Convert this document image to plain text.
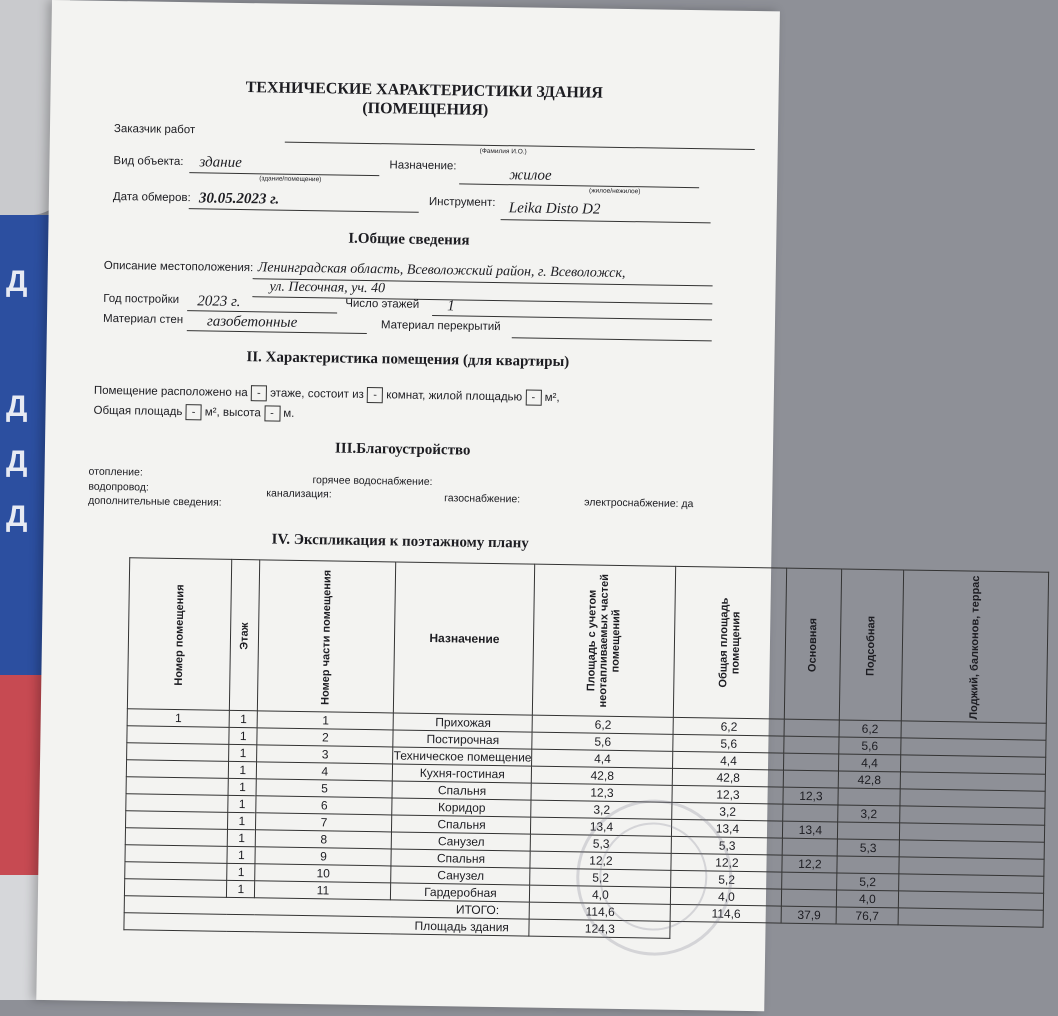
Д
Д
Д
Д
ТЕХНИЧЕСКИЕ ХАРАКТЕРИСТИКИ ЗДАНИЯ
(ПОМЕЩЕНИЯ)
Заказчик работ
(Фамилия И.О.)
Вид объекта: здание
(здание/помещение)
Назначение:
жилое
(жилое/нежилое)
Дата обмеров: 30.05.2023 г.	Инструмент: Leika Disto D2
I.Общие сведения
Описание местоположения: Ленинградская область, Всеволожский район, г. Всеволожск,
ул. Песочная, уч. 40
Год постройки 2023 г.	Число этажей 1
Материал стен газобетонные	Материал перекрытий
II. Характеристика помещения (для квартиры)
Помещение расположено на - этаже, состоит из - комнат, жилой площадью - м²,
Общая площадь - м², высота - м.
III.Благоустройство
отопление:
горячее водоснабжение:
водопровод:
канализация:	газоснабжение:	электроснабжение: да
дополнительные сведения:
IV. Экспликация к поэтажному плану
Номер помещения	Этаж	Номер части помещения	Назначение	Площадь с учетом неотапливаемых частей помещений	Общая площадь помещения	Основная	Подсобная	Лоджий, балконов, террас
1	1	1	Прихожая	6,2	6,2		6,2	
	1	2	Постирочная	5,6	5,6		5,6	
	1	3	Техническое помещение	4,4	4,4		4,4	
	1	4	Кухня-гостиная	42,8	42,8		42,8	
	1	5	Спальня	12,3	12,3	12,3		
	1	6	Коридор	3,2	3,2		3,2	
	1	7	Спальня	13,4	13,4	13,4		
	1	8	Санузел	5,3	5,3		5,3	
	1	9	Спальня	12,2	12,2	12,2		
	1	10	Санузел	5,2	5,2		5,2	
	1	11	Гардеробная	4,0	4,0		4,0	
ИТОГО:				114,6	114,6	37,9	76,7	
Площадь здания				124,3				
